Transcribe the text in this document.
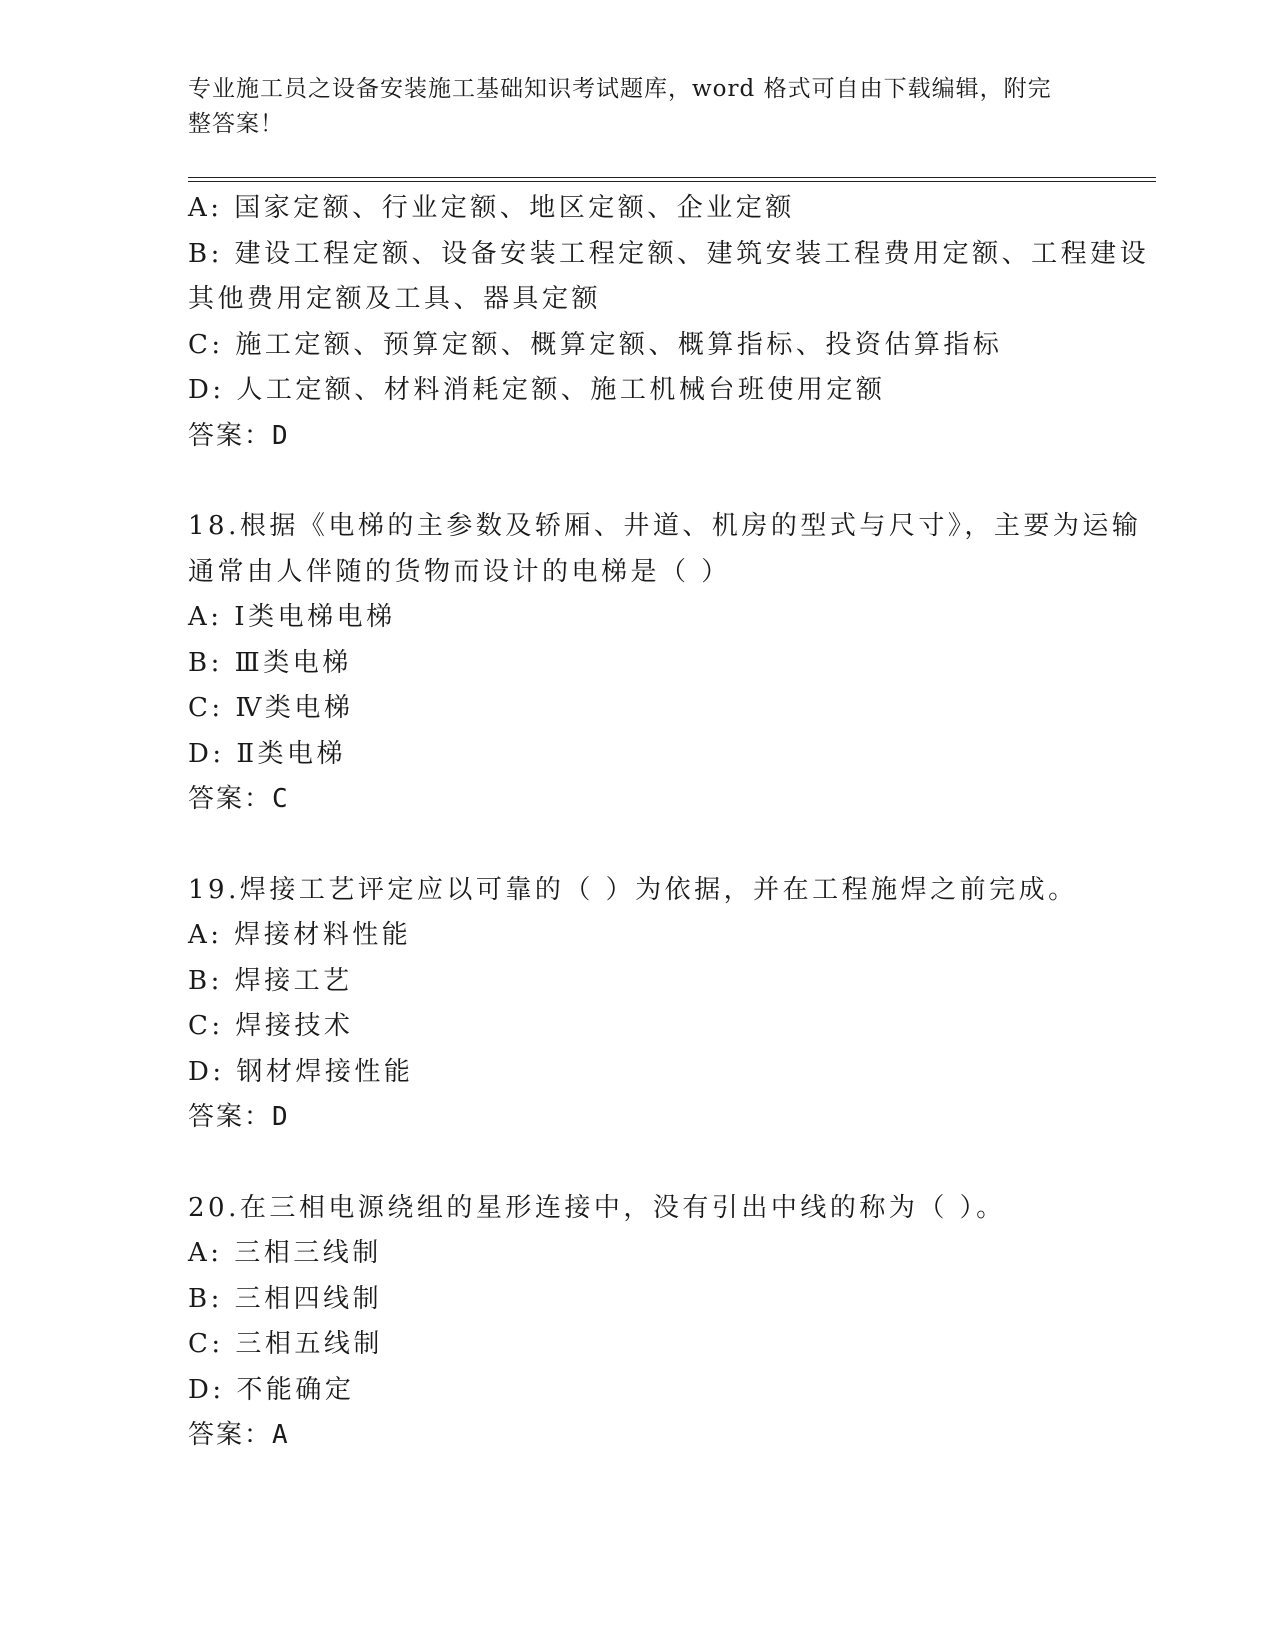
专业施工员之设备安装施工基础知识考试题库，word 格式可自由下载编辑，附完整答案！
A: 国家定额、行业定额、地区定额、企业定额
B: 建设工程定额、设备安装工程定额、建筑安装工程费用定额、工程建设其他费用定额及工具、器具定额
C: 施工定额、预算定额、概算定额、概算指标、投资估算指标
D: 人工定额、材料消耗定额、施工机械台班使用定额
答案：D
18.根据《电梯的主参数及轿厢、井道、机房的型式与尺寸》，主要为运输通常由人伴随的货物而设计的电梯是（ ）
A: Ⅰ类电梯电梯
B: Ⅲ类电梯
C: Ⅳ类电梯
D: Ⅱ类电梯
答案：C
19.焊接工艺评定应以可靠的（ ）为依据，并在工程施焊之前完成。
A: 焊接材料性能
B: 焊接工艺
C: 焊接技术
D: 钢材焊接性能
答案：D
20.在三相电源绕组的星形连接中，没有引出中线的称为（ ）。
A: 三相三线制
B: 三相四线制
C: 三相五线制
D: 不能确定
答案：A
